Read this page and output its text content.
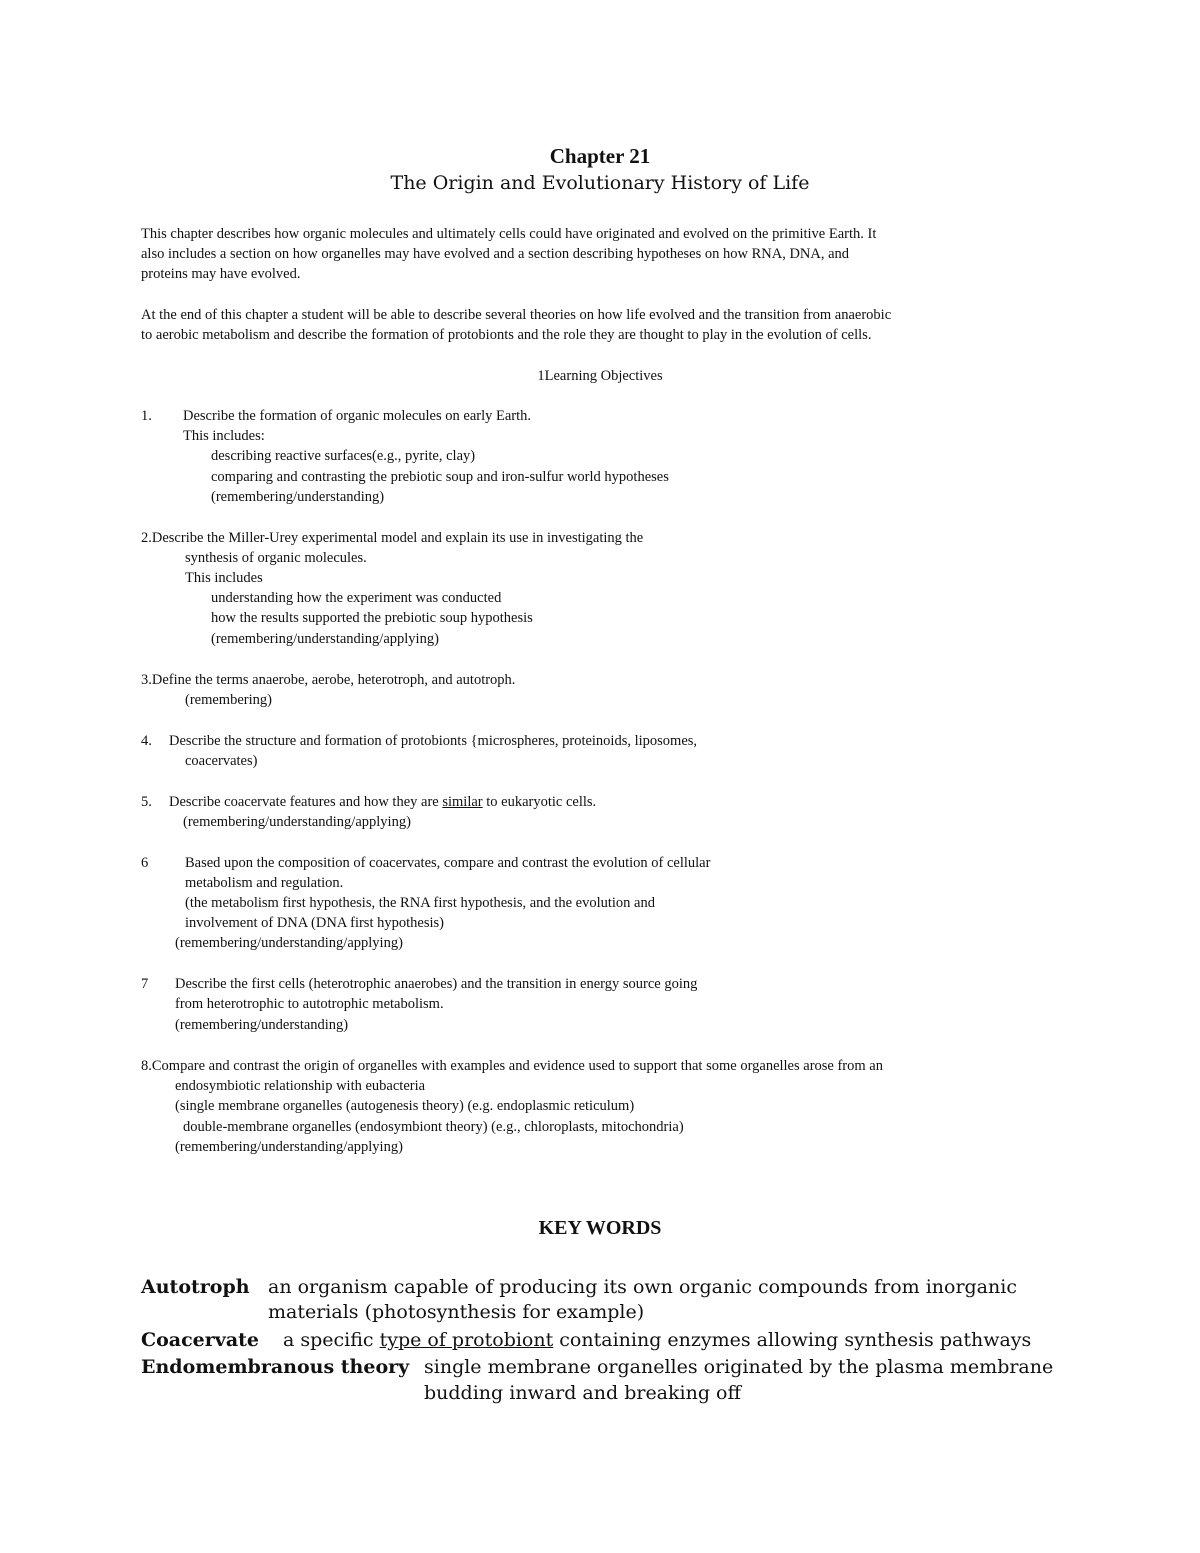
Chapter 21
The Origin and Evolutionary History of Life
This chapter describes how organic molecules and ultimately cells could have originated and evolved on the primitive Earth. It
also includes a section on how organelles may have evolved and a section describing hypotheses on how RNA, DNA, and
proteins may have evolved.
At the end of this chapter a student will be able to describe several theories on how life evolved and the transition from anaerobic
to aerobic metabolism and describe the formation of protobionts and the role they are thought to play in the evolution of cells.
1Learning Objectives
1. Describe the formation of organic molecules on early Earth.
This includes:
describing reactive surfaces(e.g., pyrite, clay)
comparing and contrasting the prebiotic soup and iron-sulfur world hypotheses
(remembering/understanding)
2.Describe the Miller-Urey experimental model and explain its use in investigating the
synthesis of organic molecules.
This includes
understanding how the experiment was conducted
how the results supported the prebiotic soup hypothesis
(remembering/understanding/applying)
3.Define the terms anaerobe, aerobe, heterotroph, and autotroph.
(remembering)
4. Describe the structure and formation of protobionts {microspheres, proteinoids, liposomes,
coacervates)
5. Describe coacervate features and how they are similar to eukaryotic cells.
(remembering/understanding/applying)
6	Based upon the composition of coacervates, compare and contrast the evolution of cellular
metabolism and regulation.
(the metabolism first hypothesis, the RNA first hypothesis, and the evolution and
involvement of DNA (DNA first hypothesis)
(remembering/understanding/applying)
7 Describe the first cells (heterotrophic anaerobes) and the transition in energy source going
from heterotrophic to autotrophic metabolism.
(remembering/understanding)
8.Compare and contrast the origin of organelles with examples and evidence used to support that some organelles arose from an
endosymbiotic relationship with eubacteria
(single membrane organelles (autogenesis theory) (e.g. endoplasmic reticulum)
double-membrane organelles (endosymbiont theory) (e.g., chloroplasts, mitochondria)
(remembering/understanding/applying)
KEY WORDS
Autotroph an organism capable of producing its own organic compounds from inorganic
materials (photosynthesis for example)
Coacervate a specific type of protobiont containing enzymes allowing synthesis pathways
Endomembranous theory single membrane organelles originated by the plasma membrane
budding inward and breaking off
